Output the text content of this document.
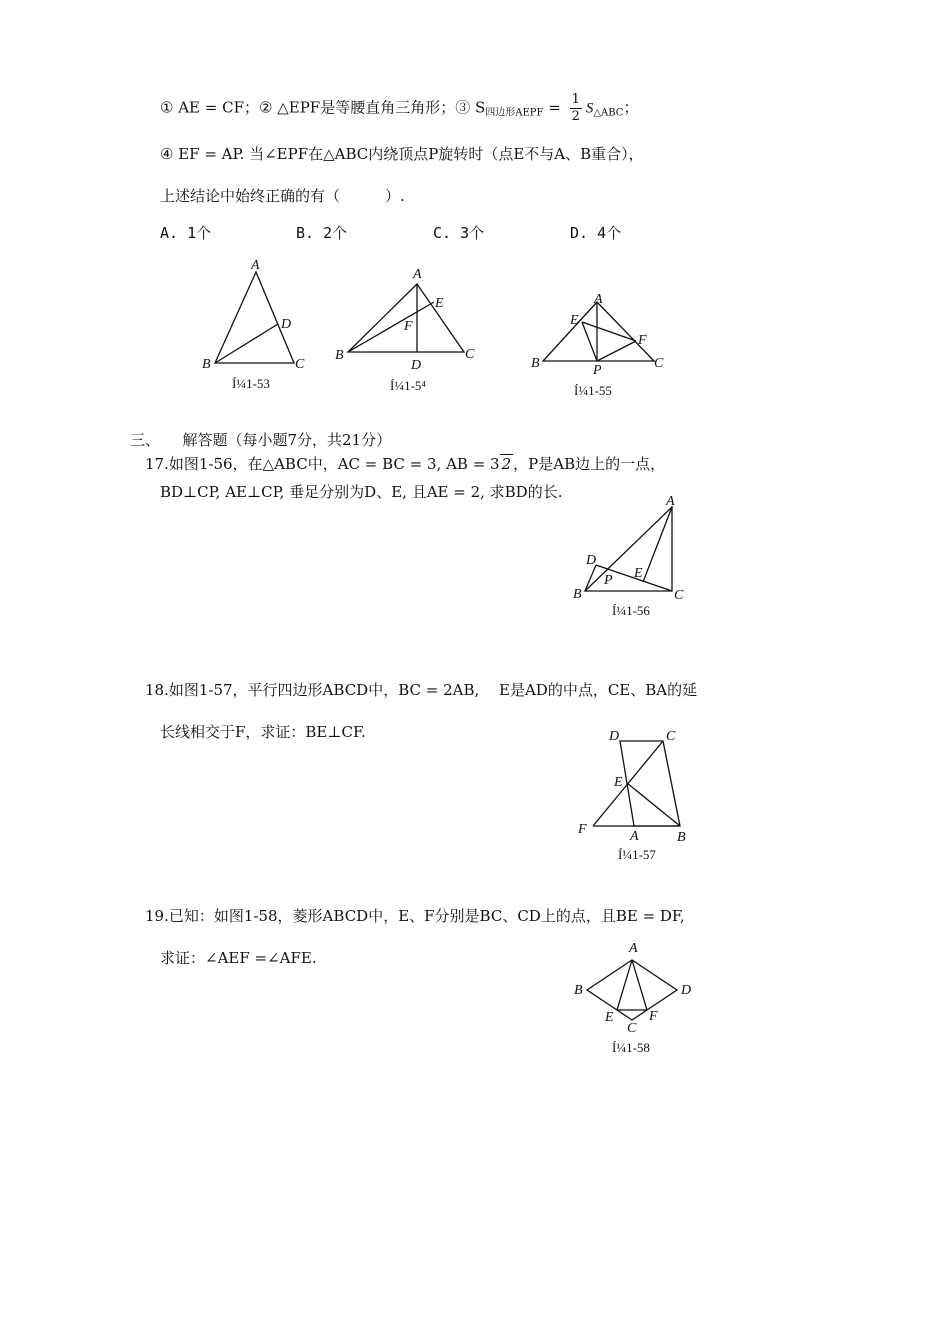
① AE = CF；② △EPF是等腰直角三角形；③ $S_{四边形AEPF} = \frac{1}{2} S_{\triangle ABC}$；
④ EF = AP. 当∠EPF在△ABC内绕顶点P旋转时（点E不与A、B重合），
上述结论中始终正确的有（　　　）.
A. 1个	B. 2个	C. 3个	D. 4个
A
B	C
D
Í¼1-53
A
B	C
D
E
F
Í¼1-5⁴
A
B	C
E
F
P
Í¼1-55
三、　　解答题（每小题7分，共21分）
17.如图1-56，在△ABC中，AC = BC = 3, AB = 3 2 ，P是AB边上的一点，
BD⊥CP, AE⊥CP, 垂足分别为D、E, 且AE = 2, 求BD的长.
A
B	C
D
E
P
Í¼1-56
18.如图1-57，平行四边形ABCD中，BC = 2AB,　 E是AD的中点，CE、BA的延
长线相交于F，求证：BE⊥CF.
A	B
C
D
E
F
Í¼1-57
19.已知：如图1-58，菱形ABCD中，E、F分别是BC、CD上的点，且BE = DF,
求证：∠AEF =∠AFE.
A
B
C
D
E	F
Í¼1-58
